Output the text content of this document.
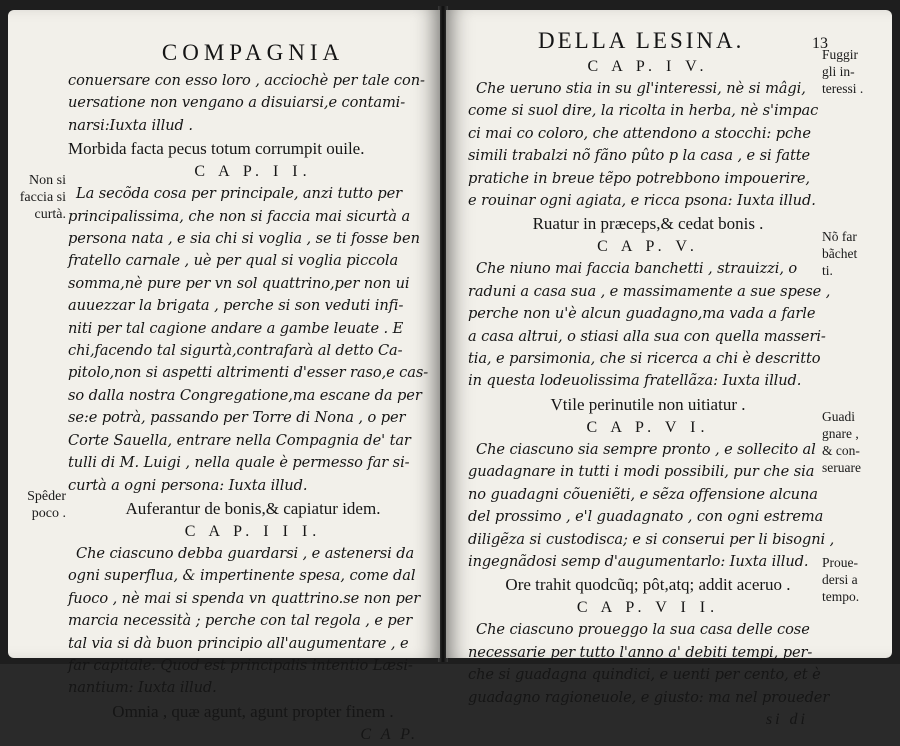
Non si
faccia si
curtà.
Spêder
poco .
COMPAGNIA
conuersare con esso loro , acciochè per tale con-
uersatione non vengano a disuiarsi,e contami-
narsi:Iuxta illud .
Morbida facta pecus totum corrumpit ouile.
C A P. I I.
La secõda cosa per principale, anzi tutto per
principalissima, che non si faccia mai sicurtà a
persona nata , e sia chi si voglia , se ti fosse ben
fratello carnale , uè per qual si voglia piccola
somma,nè pure per vn sol quattrino,per non ui
auuezzar la brigata , perche si son veduti infi-
niti per tal cagione andare a gambe leuate . E
chi,facendo tal sigurtà,contrafarà al detto Ca-
pitolo,non si aspetti altrimenti d'esser raso,e cas-
so dalla nostra Congregatione,ma escane da per
se:e potrà, passando per Torre di Nona , o per
Corte Sauella, entrare nella Compagnia de' tar
tulli di M. Luigi , nella quale è permesso far si-
curtà a ogni persona: Iuxta illud.
Auferantur de bonis,& capiatur idem.
C A P. I I I.
Che ciascuno debba guardarsi , e astenersi da
ogni superflua, & impertinente spesa, come dal
fuoco , nè mai si spenda vn quattrino.se non per
marcia necessità ; perche con tal regola , e per
tal via si dà buon principio all'augumentare , e
far capitale. Quod est principalis intentio Læsi-
nantium: Iuxta illud.
Omnia , quæ agunt, agunt propter finem .
C A P.
Fuggir
gli in-
teressi .
Nõ far
bãchet
ti.
Guadi
gnare ,
& con-
seruare
Proue-
dersi a
tempo.
DELLA LESINA.	13
C A P. I V.
Che ueruno stia in su gl'interessi, nè si mâgi,
come si suol dire, la ricolta in herba, nè s'impac
ci mai co coloro, che attendono a stocchi: pche
simili trabalzi nõ fãno pûto p la casa , e si fatte
pratiche in breue tẽpo potrebbono impouerire,
e rouinar ogni agiata, e ricca psona: Iuxta illud.
Ruatur in præceps,& cedat bonis .
C A P. V.
Che niuno mai faccia banchetti , strauizzi, o
raduni a casa sua , e massimamente a sue spese ,
perche non u'è alcun guadagno,ma vada a farle
a casa altrui, o stiasi alla sua con quella masseri-
tia, e parsimonia, che si ricerca a chi è descritto
in questa lodeuolissima fratellãza: Iuxta illud.
Vtile perinutile non uitiatur .
C A P. V I.
Che ciascuno sia sempre pronto , e sollecito al
guadagnare in tutti i modi possibili, pur che sia
no guadagni cõueniẽti, e sẽza offensione alcuna
del prossimo , e'l guadagnato , con ogni estrema
diligẽza si custodisca; e si conserui per li bisogni ,
ingegnãdosi semp d'augumentarlo: Iuxta illud.
Ore trahit quodcũq; pôt,atq; addit aceruo .
C A P. V I I.
Che ciascuno proueggo la sua casa delle cose
necessarie per tutto l'anno a' debiti tempi, per-
che si guadagna quindici, e uenti per cento, et è
guadagno ragioneuole, e giusto: ma nel proueder
si di
